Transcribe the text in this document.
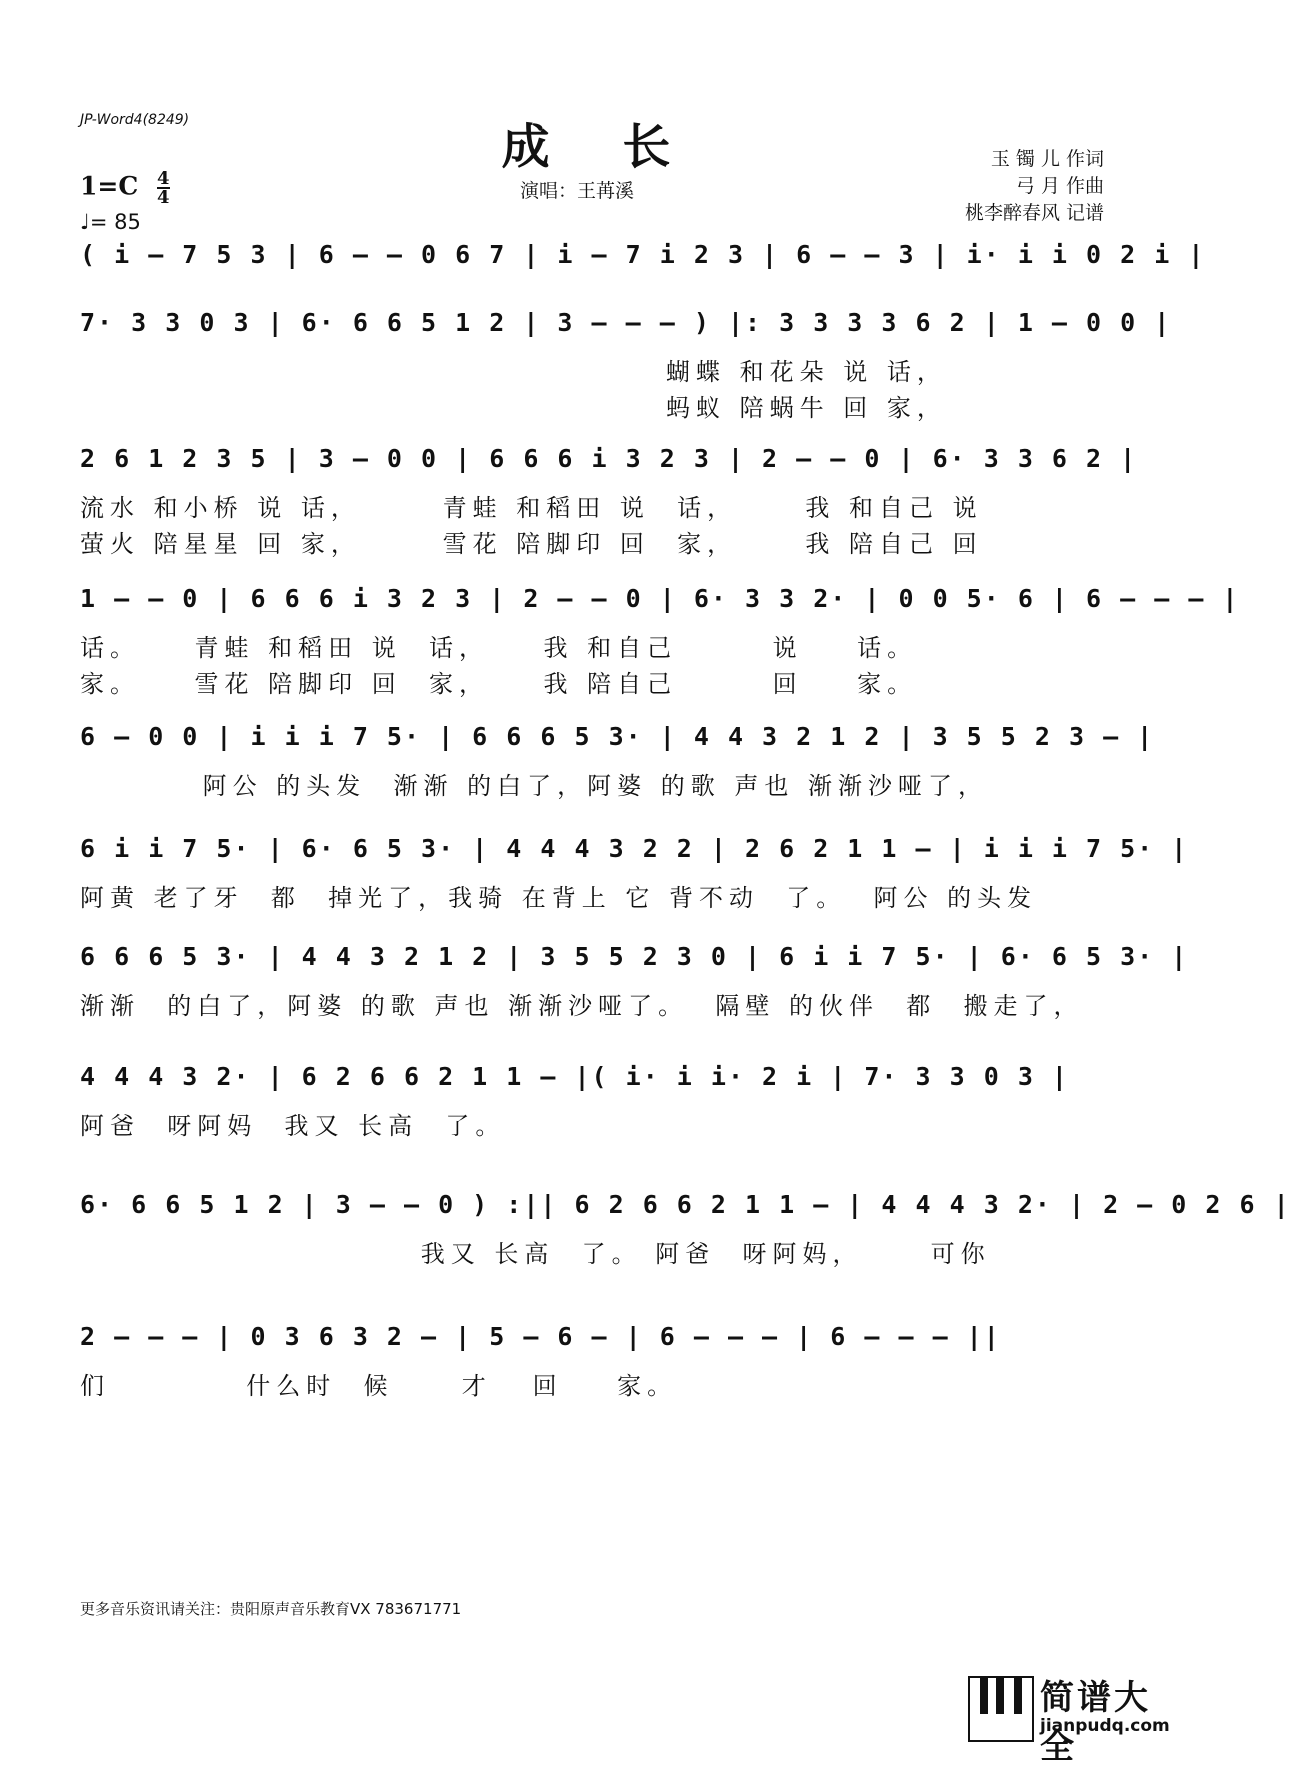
JP-Word4(8249)	成 长
演唱：王苒溪
玉 镯 儿 作词
弓 月 作曲
桃李醉春风 记谱
$1=C \frac{4}{4}$
♩= 85
( i – 7 5 3 | 6 – – 0 6 7 | i – 7 i 2 3 | 6 – – 3 | i· i i 0 2 i |
7· 3 3 0 3 | 6· 6 6 5 1 2 | 3 – – – ) |: 3 3 3 3 6 2 | 1 – 0 0 |
蝴蝶 和花朵 说 话，
蚂蚁 陪蜗牛 回 家，
2 6 1 2 3 5 | 3 – 0 0 | 6 6 6 i 3 2 3 | 2 – – 0 | 6· 3 3 6 2 |
流水 和小桥 说 话，      青蛙 和稻田 说  话，     我 和自己 说
萤火 陪星星 回 家，      雪花 陪脚印 回  家，     我 陪自己 回
1 – – 0 | 6 6 6 i 3 2 3 | 2 – – 0 | 6· 3 3 2· | 0 0 5· 6 | 6 – – – |
话。    青蛙 和稻田 说  话，    我 和自己       说    话。
家。    雪花 陪脚印 回  家，    我 陪自己       回    家。
6 – 0 0 | i i i 7 5· | 6 6 6 5 3· | 4 4 3 2 1 2 | 3 5 5 2 3 – |
阿公 的头发  渐渐 的白了，阿婆 的歌 声也 渐渐沙哑了，
6 i i 7 5· | 6· 6 5 3· | 4 4 4 3 2 2 | 2 6 2 1 1 – | i i i 7 5· |
阿黄 老了牙  都  掉光了，我骑 在背上 它 背不动  了。  阿公 的头发
6 6 6 5 3· | 4 4 3 2 1 2 | 3 5 5 2 3 0 | 6 i i 7 5· | 6· 6 5 3· |
渐渐  的白了，阿婆 的歌 声也 渐渐沙哑了。  隔壁 的伙伴  都  搬走了，
4 4 4 3 2· | 6 2 6 6 2 1 1 – |( i· i i· 2 i | 7· 3 3 0 3 |
阿爸  呀阿妈  我又 长高  了。
6· 6 6 5 1 2 | 3 – – 0 ) :|| 6 2 6 6 2 1 1 – | 4 4 4 3 2· | 2 – 0 2 6 |
我又 长高  了。 阿爸  呀阿妈，     可你
2 – – – | 0 3 6 3 2 – | 5 – 6 – | 6 – – – | 6 – – – ||
们          什么时  候     才   回    家。
更多音乐资讯请关注：贵阳原声音乐教育VX 783671771
简谱大全
jianpudq.com
